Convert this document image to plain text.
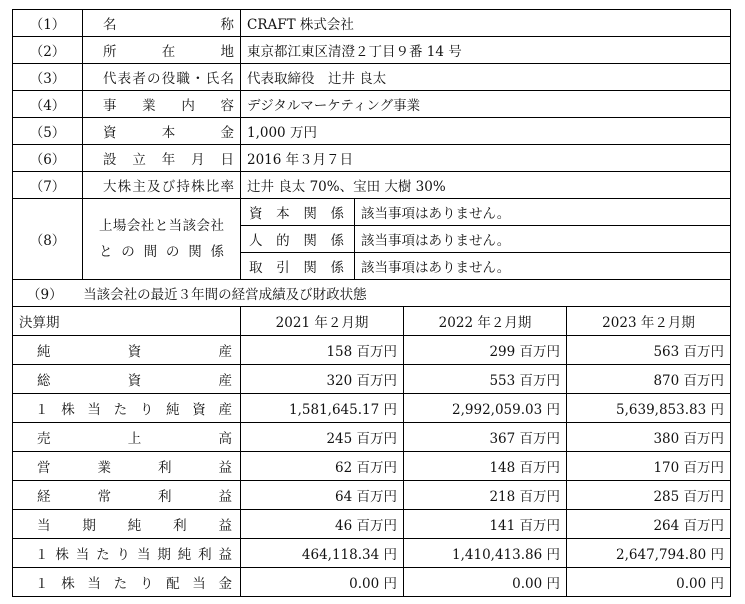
（1）	名称	CRAFT 株式会社	
（2）	所在地	東京都江東区清澄２丁目９番 14 号	
（3）	代表者の役職・氏名	代表取締役　辻井 良太	
（4）	事業内容	デジタルマーケティング事業	
（5）	資本金	1,000 万円	
（6）	設立年月日	2016 年３月７日	
（7）	大株主及び持株比率	辻井 良太 70%、宝田 大樹 30%	
（8）	上場会社と当該会社
との間の関係	資本関係	該当事項はありません。
		人的関係	該当事項はありません。
		取引関係	該当事項はありません。
（9） 当該会社の最近３年間の経営成績及び財政状態			
決算期	2021 年２月期	2022 年２月期	2023 年２月期
純資産	158 百万円	299 百万円	563 百万円
総資産	320 百万円	553 百万円	870 百万円
１株当たり純資産	1,581,645.17 円	2,992,059.03 円	5,639,853.83 円
売上高	245 百万円	367 百万円	380 百万円
営業利益	62 百万円	148 百万円	170 百万円
経常利益	64 百万円	218 百万円	285 百万円
当期純利益	46 百万円	141 百万円	264 百万円
１株当たり当期純利益	464,118.34 円	1,410,413.86 円	2,647,794.80 円
１株当たり配当金	0.00 円	0.00 円	0.00 円
